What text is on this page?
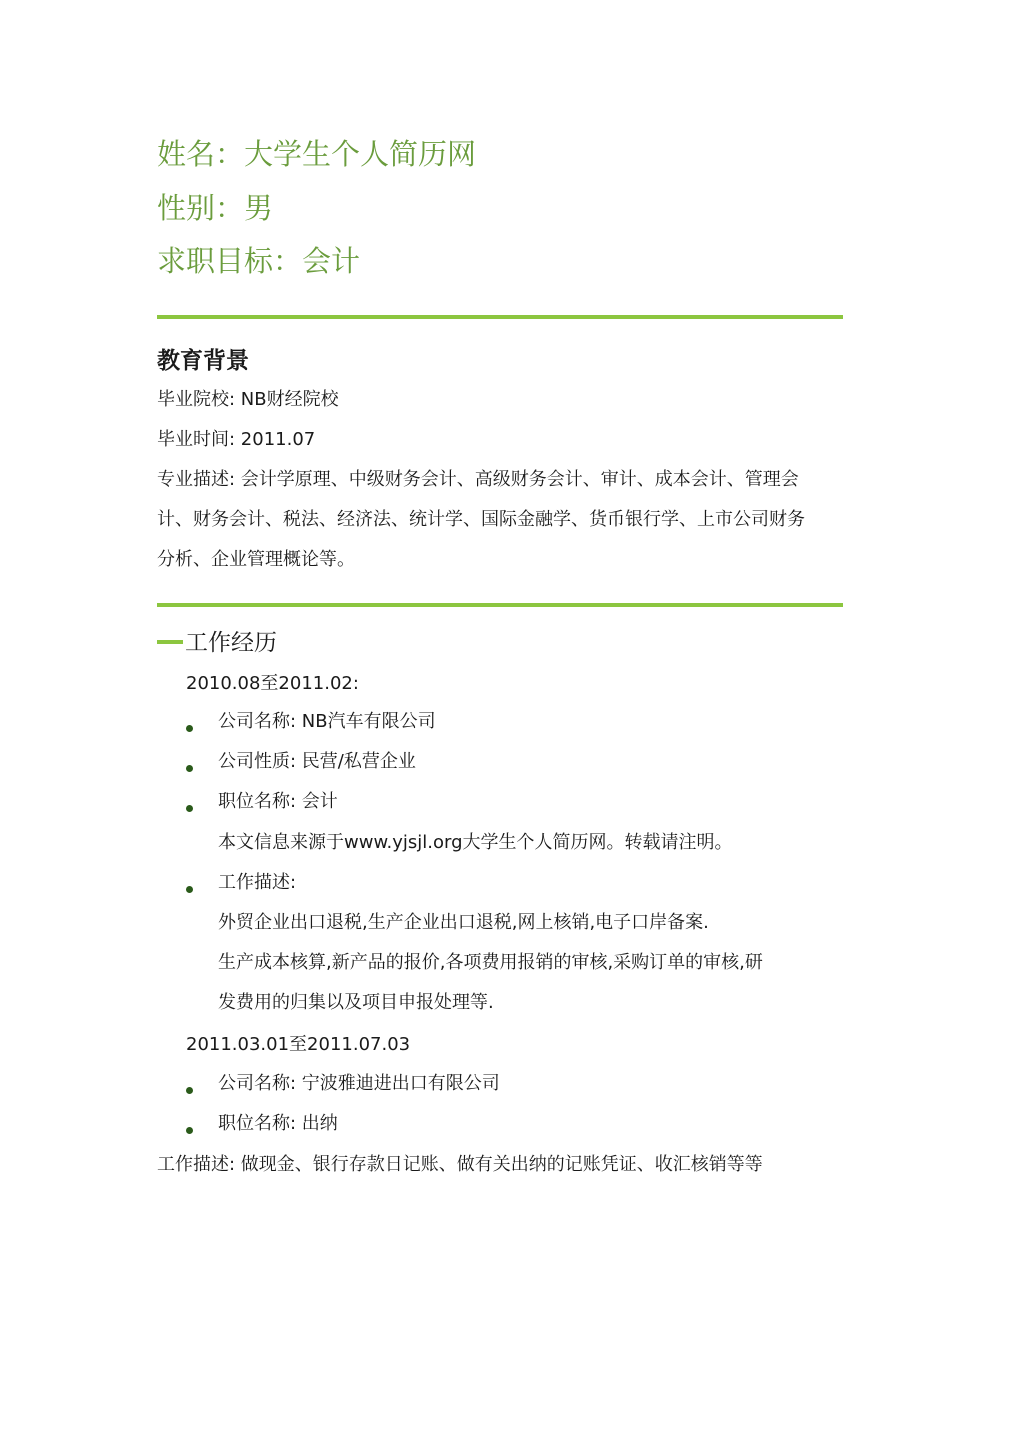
姓名：大学生个人简历网
性别：男
求职目标：会计
教育背景
毕业院校: NB财经院校
毕业时间: 2011.07
专业描述: 会计学原理、中级财务会计、高级财务会计、审计、成本会计、管理会
计、财务会计、税法、经济法、统计学、国际金融学、货币银行学、上市公司财务
分析、企业管理概论等。
工作经历
2010.08至2011.02:
公司名称: NB汽车有限公司
公司性质: 民营/私营企业
职位名称: 会计
本文信息来源于www.yjsjl.org大学生个人简历网。转载请注明。
工作描述:
外贸企业出口退税,生产企业出口退税,网上核销,电子口岸备案.
生产成本核算,新产品的报价,各项费用报销的审核,采购订单的审核,研
发费用的归集以及项目申报处理等.
2011.03.01至2011.07.03
公司名称: 宁波雅迪进出口有限公司
职位名称: 出纳
工作描述: 做现金、银行存款日记账、做有关出纳的记账凭证、收汇核销等等
